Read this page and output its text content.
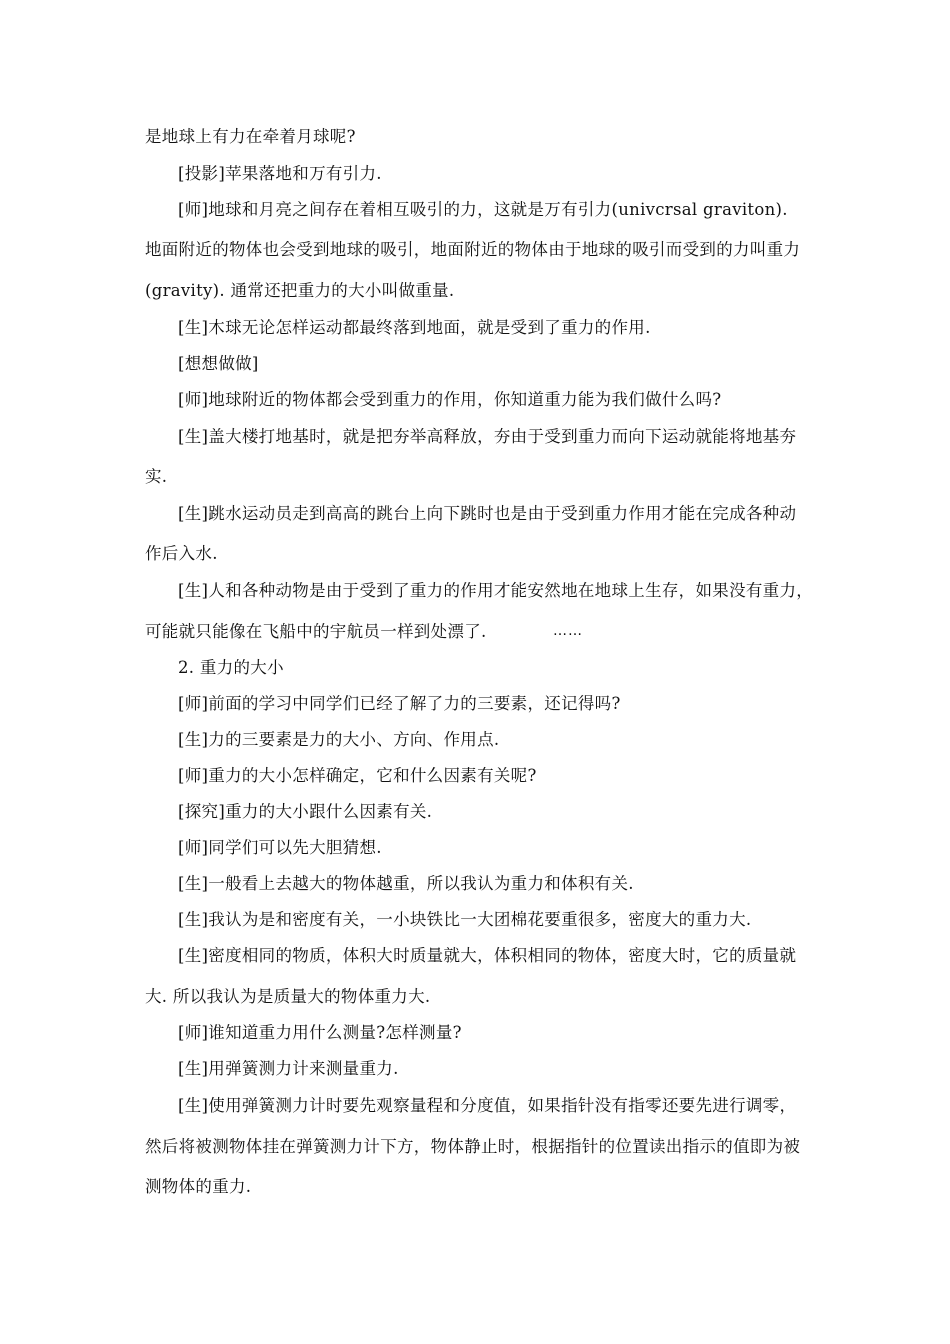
是地球上有力在牵着月球呢?
[投影]苹果落地和万有引力.
[师]地球和月亮之间存在着相互吸引的力，这就是万有引力(univcrsal graviton).
地面附近的物体也会受到地球的吸引，地面附近的物体由于地球的吸引而受到的力叫重力
(gravity). 通常还把重力的大小叫做重量.
[生]木球无论怎样运动都最终落到地面，就是受到了重力的作用.
[想想做做]
[师]地球附近的物体都会受到重力的作用，你知道重力能为我们做什么吗?
[生]盖大楼打地基时，就是把夯举高释放，夯由于受到重力而向下运动就能将地基夯
实.
[生]跳水运动员走到高高的跳台上向下跳时也是由于受到重力作用才能在完成各种动
作后入水.
[生]人和各种动物是由于受到了重力的作用才能安然地在地球上生存，如果没有重力，
可能就只能像在飞船中的宇航员一样到处漂了.	……
2. 重力的大小
[师]前面的学习中同学们已经了解了力的三要素，还记得吗?
[生]力的三要素是力的大小、方向、作用点.
[师]重力的大小怎样确定，它和什么因素有关呢?
[探究]重力的大小跟什么因素有关.
[师]同学们可以先大胆猜想.
[生]一般看上去越大的物体越重，所以我认为重力和体积有关.
[生]我认为是和密度有关，一小块铁比一大团棉花要重很多，密度大的重力大.
[生]密度相同的物质，体积大时质量就大，体积相同的物体，密度大时，它的质量就
大. 所以我认为是质量大的物体重力大.
[师]谁知道重力用什么测量?怎样测量?
[生]用弹簧测力计来测量重力.
[生]使用弹簧测力计时要先观察量程和分度值，如果指针没有指零还要先进行调零，
然后将被测物体挂在弹簧测力计下方，物体静止时，根据指针的位置读出指示的值即为被
测物体的重力.
